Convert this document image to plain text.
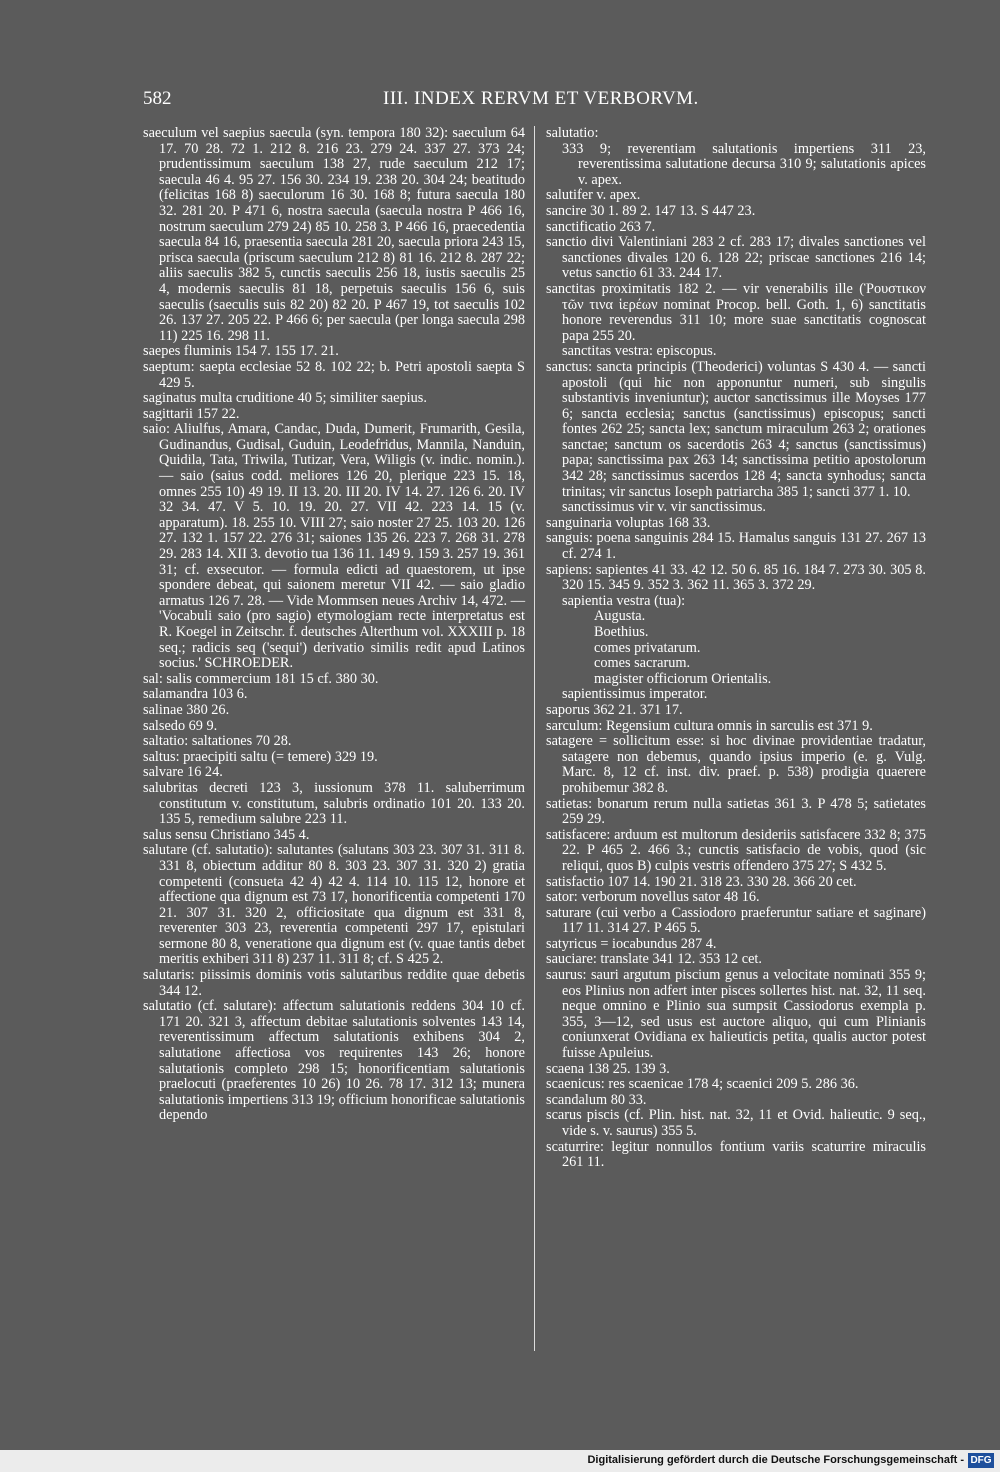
582	III. INDEX RERVM ET VERBORVM.

saeculum vel saepius saecula (syn. tempora 180 32): saeculum 64 17. 70 28. 72 1. 212 8. 216 23. 279 24. 337 27. 373 24; prudentissimum saeculum 138 27, rude saeculum 212 17; saecula 46 4. 95 27. 156 30. 234 19. 238 20. 304 24; beatitudo (felicitas 168 8) saeculorum 16 30. 168 8; futura saecula 180 32. 281 20. P 471 6, nostra saecula (saecula nostra P 466 16, nostrum saeculum 279 24) 85 10. 258 3. P 466 16, praecedentia saecula 84 16, praesentia saecula 281 20, saecula priora 243 15, prisca saecula (priscum saeculum 212 8) 81 16. 212 8. 287 22; aliis saeculis 382 5, cunctis saeculis 256 18, iustis saeculis 25 4, modernis saeculis 81 18, perpetuis saeculis 156 6, suis saeculis (saeculis suis 82 20) 82 20. P 467 19, tot saeculis 102 26. 137 27. 205 22. P 466 6; per saecula (per longa saecula 298 11) 225 16. 298 11.

saepes fluminis 154 7. 155 17. 21.

saeptum: saepta ecclesiae 52 8. 102 22; b. Petri apostoli saepta S 429 5.

saginatus multa cruditione 40 5; similiter saepius.

sagittarii 157 22.

saio: Aliulfus, Amara, Candac, Duda, Dumerit, Frumarith, Gesila, Gudinandus, Gudisal, Guduin, Leodefridus, Mannila, Nanduin, Quidila, Tata, Triwila, Tutizar, Vera, Wiligis (v. indic. nomin.). — saio (saius codd. meliores 126 20, plerique 223 15. 18, omnes 255 10) 49 19. II 13. 20. III 20. IV 14. 27. 126 6. 20. IV 32 34. 47. V 5. 10. 19. 20. 27. VII 42. 223 14. 15 (v. apparatum). 18. 255 10. VIII 27; saio noster 27 25. 103 20. 126 27. 132 1. 157 22. 276 31; saiones 135 26. 223 7. 268 31. 278 29. 283 14. XII 3. devotio tua 136 11. 149 9. 159 3. 257 19. 361 31; cf. exsecutor. — formula edicti ad quaestorem, ut ipse spondere debeat, qui saionem meretur VII 42. — saio gladio armatus 126 7. 28. — Vide Mommsen neues Archiv 14, 472. — 'Vocabuli saio (pro sagio) etymologiam recte interpretatus est R. Koegel in Zeitschr. f. deutsches Alterthum vol. XXXIII p. 18 seq.; radicis seq ('sequi') derivatio similis redit apud Latinos socius.' SCHROEDER.

sal: salis commercium 181 15 cf. 380 30.

salamandra 103 6.

salinae 380 26.

salsedo 69 9.

saltatio: saltationes 70 28.

saltus: praecipiti saltu (= temere) 329 19.

salvare 16 24.

salubritas decreti 123 3, iussionum 378 11. saluberrimum constitutum v. constitutum, salubris ordinatio 101 20. 133 20. 135 5, remedium salubre 223 11.

salus sensu Christiano 345 4.

salutare (cf. salutatio): salutantes (salutans 303 23. 307 31. 311 8. 331 8, obiectum additur 80 8. 303 23. 307 31. 320 2) gratia competenti (consueta 42 4) 42 4. 114 10. 115 12, honore et affectione qua dignum est 73 17, honorificentia competenti 170 21. 307 31. 320 2, officiositate qua dignum est 331 8, reverenter 303 23, reverentia competenti 297 17, epistulari sermone 80 8, veneratione qua dignum est (v. quae tantis debet meritis exhiberi 311 8) 237 11. 311 8; cf. S 425 2.

salutaris: piissimis dominis votis salutaribus reddite quae debetis 344 12.

salutatio (cf. salutare): affectum salutationis reddens 304 10 cf. 171 20. 321 3, affectum debitae salutationis solventes 143 14, reverentissimum affectum salutationis exhibens 304 2, salutatione affectiosa vos requirentes 143 26; honore salutationis completo 298 15; honorificentiam salutationis praelocuti (praeferentes 10 26) 10 26. 78 17. 312 13; munera salutationis impertiens 313 19; officium honorificae salutationis dependo

salutatio:

333 9; reverentiam salutationis impertiens 311 23, reverentissima salutatione decursa 310 9; salutationis apices v. apex.

salutifer v. apex.

sancire 30 1. 89 2. 147 13. S 447 23.

sanctificatio 263 7.

sanctio divi Valentiniani 283 2 cf. 283 17; divales sanctiones vel sanctiones divales 120 6. 128 22; priscae sanctiones 216 14; vetus sanctio 61 33. 244 17.

sanctitas proximitatis 182 2. — vir venerabilis ille (Ῥουστικον τῶν τινα ἱερέων nominat Procop. bell. Goth. 1, 6) sanctitatis honore reverendus 311 10; more suae sanctitatis cognoscat papa 255 20.

sanctitas vestra: episcopus.

sanctus: sancta principis (Theoderici) voluntas S 430 4. — sancti apostoli (qui hic non apponuntur numeri, sub singulis substantivis inveniuntur); auctor sanctissimus ille Moyses 177 6; sancta ecclesia; sanctus (sanctissimus) episcopus; sancti fontes 262 25; sancta lex; sanctum miraculum 263 2; orationes sanctae; sanctum os sacerdotis 263 4; sanctus (sanctissimus) papa; sanctissima pax 263 14; sanctissima petitio apostolorum 342 28; sanctissimus sacerdos 128 4; sancta synhodus; sancta trinitas; vir sanctus Ioseph patriarcha 385 1; sancti 377 1. 10.

sanctissimus vir v. vir sanctissimus.

sanguinaria voluptas 168 33.

sanguis: poena sanguinis 284 15. Hamalus sanguis 131 27. 267 13 cf. 274 1.

sapiens: sapientes 41 33. 42 12. 50 6. 85 16. 184 7. 273 30. 305 8. 320 15. 345 9. 352 3. 362 11. 365 3. 372 29.

sapientia vestra (tua):

Augusta.

Boethius.

comes privatarum.

comes sacrarum.

magister officiorum Orientalis.

sapientissimus imperator.

saporus 362 21. 371 17.

sarculum: Regensium cultura omnis in sarculis est 371 9.

satagere = sollicitum esse: si hoc divinae providentiae tradatur, satagere non debemus, quando ipsius imperio (e. g. Vulg. Marc. 8, 12 cf. inst. div. praef. p. 538) prodigia quaerere prohibemur 382 8.

satietas: bonarum rerum nulla satietas 361 3. P 478 5; satietates 259 29.

satisfacere: arduum est multorum desideriis satisfacere 332 8; 375 22. P 465 2. 466 3.; cunctis satisfacio de vobis, quod (sic reliqui, quos B) culpis vestris offendero 375 27; S 432 5.

satisfactio 107 14. 190 21. 318 23. 330 28. 366 20 cet.

sator: verborum novellus sator 48 16.

saturare (cui verbo a Cassiodoro praeferuntur satiare et saginare) 117 11. 314 27. P 465 5.

satyricus = iocabundus 287 4.

sauciare: translate 341 12. 353 12 cet.

saurus: sauri argutum piscium genus a velocitate nominati 355 9; eos Plinius non adfert inter pisces sollertes hist. nat. 32, 11 seq. neque omnino e Plinio sua sumpsit Cassiodorus exempla p. 355, 3—12, sed usus est auctore aliquo, qui cum Plinianis coniunxerat Ovidiana ex halieuticis petita, qualis auctor potest fuisse Apuleius.

scaena 138 25. 139 3.

scaenicus: res scaenicae 178 4; scaenici 209 5. 286 36.

scandalum 80 33.

scarus piscis (cf. Plin. hist. nat. 32, 11 et Ovid. halieutic. 9 seq., vide s. v. saurus) 355 5.

scaturrire: legitur nonnullos fontium variis scaturrire miraculis 261 11.

Digitalisierung gefördert durch die Deutsche Forschungsgemeinschaft - DFG
